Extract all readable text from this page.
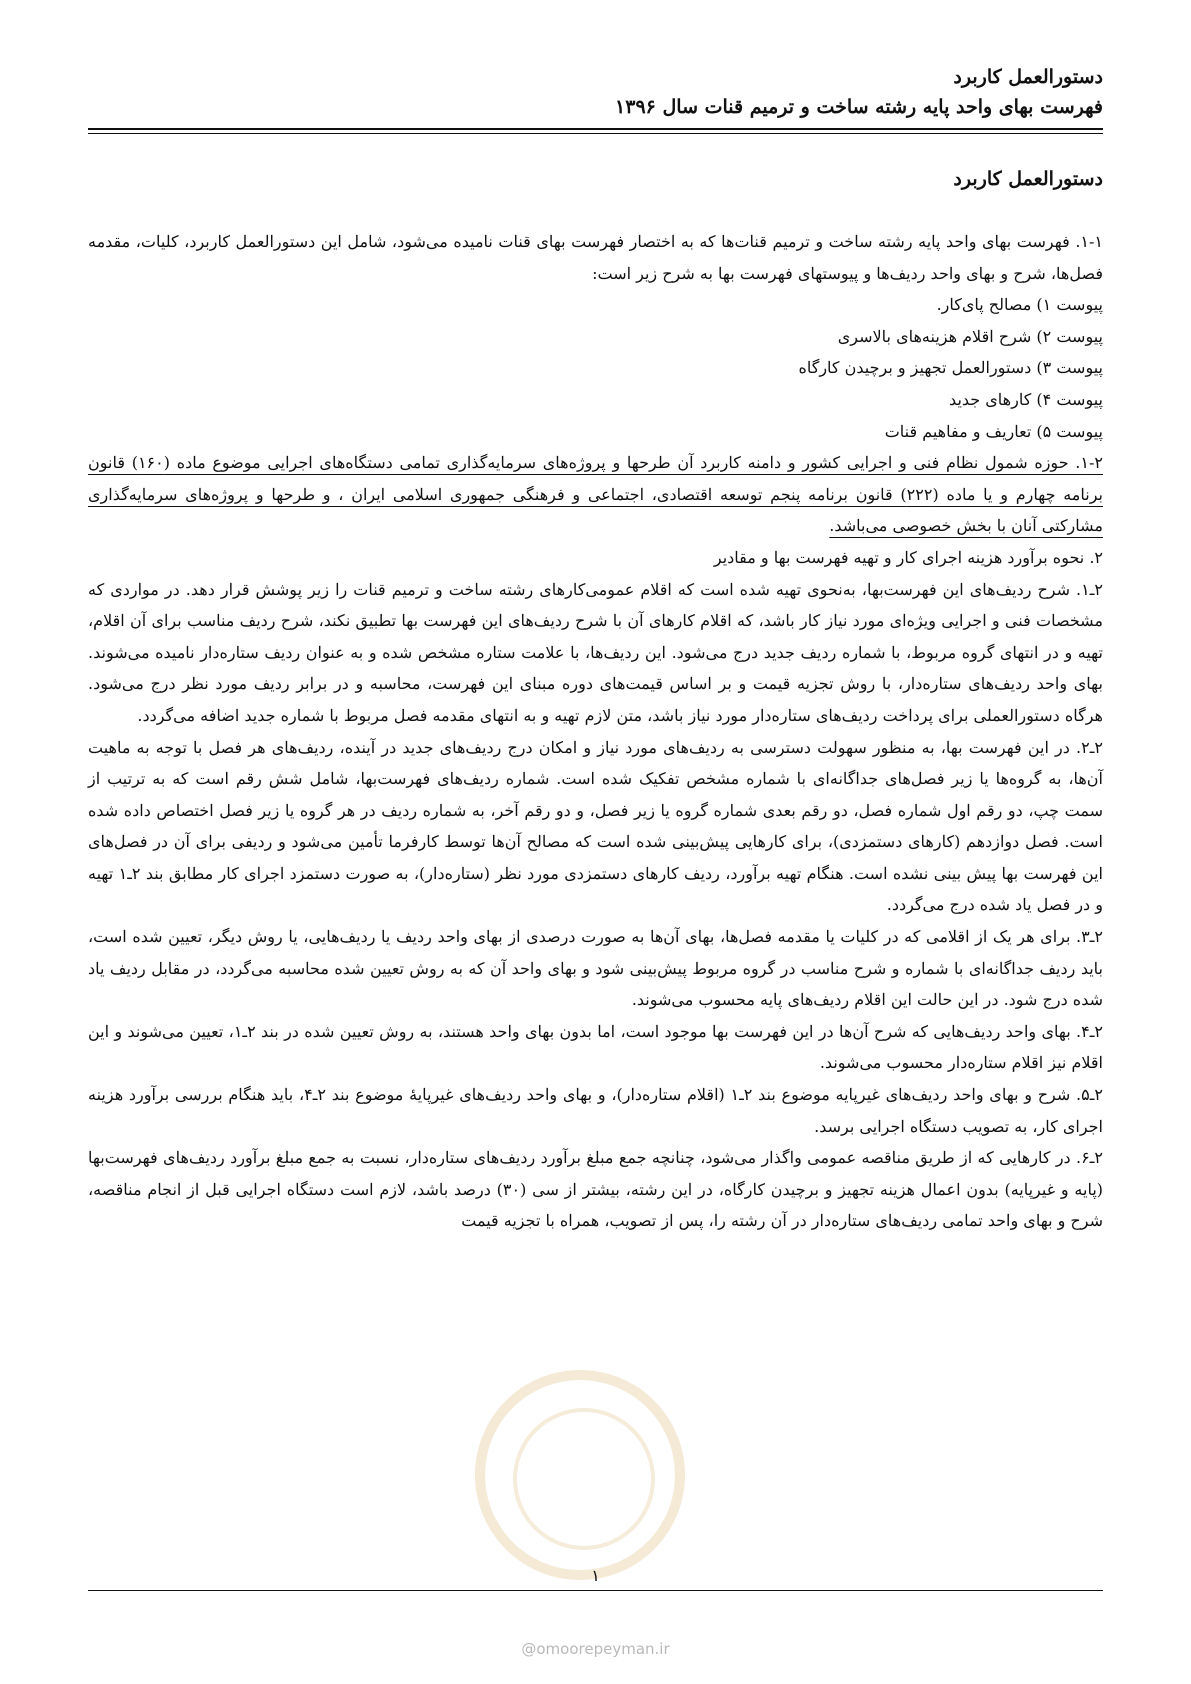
دستورالعمل کاربرد
فهرست بهای واحد پایه رشته ساخت و ترمیم قنات سال ۱۳۹۶
دستورالعمل کاربرد

۱-۱. فهرست بهای واحد پایه رشته ساخت و ترمیم قنات‌ها که به اختصار فهرست بهای قنات نامیده می‌شود، شامل این دستورالعمل کاربرد، کلیات، مقدمه فصل‌ها، شرح و بهای واحد ردیف‌ها و پیوستهای فهرست بها به شرح زیر است:

پیوست ۱) مصالح پای‌کار.

پیوست ۲) شرح اقلام هزینه‌های بالاسری

پیوست ۳) دستورالعمل تجهیز و برچیدن کارگاه

پیوست ۴) کارهای جدید

پیوست ۵) تعاریف و مفاهیم قنات

۱-۲. حوزه شمول نظام فنی و اجرایی کشور و دامنه کاربرد آن طرحها و پروژه‌های سرمایه‌گذاری تمامی دستگاه‌های اجرایی موضوع ماده (۱۶۰) قانون برنامه چهارم و یا ماده (۲۲۲) قانون برنامه پنجم توسعه اقتصادی، اجتماعی و فرهنگی جمهوری اسلامی ایران ، و طرحها و پروژه‌های سرمایه‌گذاری مشارکتی آنان با بخش خصوصی می‌باشد.

۲. نحوه برآورد هزینه اجرای کار و تهیه فهرست بها و مقادیر

۲ـ۱. شرح ردیف‌های این فهرست‌بها، به‌نحوی تهیه شده است که اقلام عمومی‌کارهای رشته ساخت و ترمیم قنات را زیر پوشش قرار دهد. در مواردی که مشخصات فنی و اجرایی ویژه‌ای مورد نیاز کار باشد، که اقلام کارهای آن با شرح ردیف‌های این فهرست بها تطبیق نکند، شرح ردیف مناسب برای آن اقلام، تهیه و در انتهای گروه مربوط، با شماره ردیف جدید درج می‌شود. این ردیف‌ها، با علامت ستاره مشخص شده و به عنوان ردیف ستاره‌دار نامیده می‌شوند. بهای واحد ردیف‌های ستاره‌دار، با روش تجزیه قیمت و بر اساس قیمت‌های دوره مبنای این فهرست، محاسبه و در برابر ردیف مورد نظر درج می‌شود. هرگاه دستورالعملی برای پرداخت ردیف‌های ستاره‌دار مورد نیاز باشد، متن لازم تهیه و به انتهای مقدمه فصل مربوط با شماره جدید اضافه می‌گردد.

۲ـ۲. در این فهرست بها، به منظور سهولت دسترسی به ردیف‌های مورد نیاز و امکان درج ردیف‌های جدید در آینده، ردیف‌های هر فصل با توجه به ماهیت آن‌ها، به گروه‌ها یا زیر فصل‌های جداگانه‌ای با شماره مشخص تفکیک شده است. شماره ردیف‌های فهرست‌بها، شامل شش رقم است که به ترتیب از سمت چپ، دو رقم اول شماره فصل، دو رقم بعدی شماره گروه یا زیر فصل، و دو رقم آخر، به شماره ردیف در هر گروه یا زیر فصل اختصاص داده شده است. فصل دوازدهم (کارهای دستمزدی)، برای کارهایی پیش‌بینی شده است که مصالح آن‌ها توسط کارفرما تأمین می‌شود و ردیفی برای آن در فصل‌های این فهرست بها پیش بینی نشده است. هنگام تهیه برآورد، ردیف کارهای دستمزدی مورد نظر (ستاره‌دار)، به صورت دستمزد اجرای کار مطابق بند ۲ـ۱ تهیه و در فصل یاد شده درج می‌گردد.

۲ـ۳. برای هر یک از اقلامی که در کلیات یا مقدمه فصل‌ها، بهای آن‌ها به صورت درصدی از بهای واحد ردیف یا ردیف‌هایی، یا روش دیگر، تعیین شده است، باید ردیف جداگانه‌ای با شماره و شرح مناسب در گروه مربوط پیش‌بینی شود و بهای واحد آن که به روش تعیین شده محاسبه می‌گردد، در مقابل ردیف یاد شده درج شود. در این حالت این اقلام ردیف‌های پایه محسوب می‌شوند.

۲ـ۴. بهای واحد ردیف‌هایی که شرح آن‌ها در این فهرست بها موجود است، اما بدون بهای واحد هستند، به روش تعیین شده در بند ۲ـ۱، تعیین می‌شوند و این اقلام نیز اقلام ستاره‌دار محسوب می‌شوند.

۲ـ۵. شرح و بهای واحد ردیف‌های غیرپایه موضوع بند ۲ـ۱ (اقلام ستاره‌دار)، و بهای واحد ردیف‌های غیرپایهٔ موضوع بند ۲ـ۴، باید هنگام بررسی برآورد هزینه اجرای کار، به تصویب دستگاه اجرایی برسد.

۲ـ۶. در کارهایی که از طریق مناقصه عمومی واگذار می‌شود، چنانچه جمع مبلغ برآورد ردیف‌های ستاره‌دار، نسبت به جمع مبلغ برآورد ردیف‌های فهرست‌بها (پایه و غیرپایه) بدون اعمال هزینه تجهیز و برچیدن کارگاه، در این رشته، بیشتر از سی (۳۰) درصد باشد، لازم است دستگاه اجرایی قبل از انجام مناقصه، شرح و بهای واحد تمامی ردیف‌های ستاره‌دار در آن رشته را، پس از تصویب، همراه با تجزیه قیمت

۱
@omoorepeyman.ir
